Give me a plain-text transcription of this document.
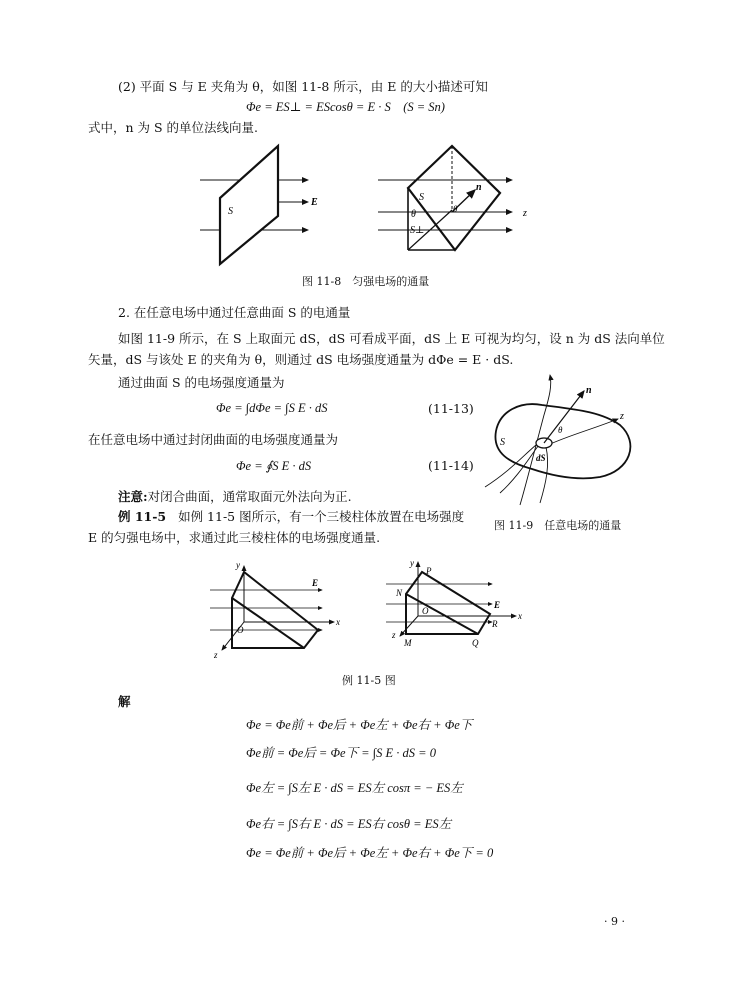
(2) 平面 S 与 E 夹角为 θ，如图 11-8 所示，由 E 的大小描述可知
Φe = ES⊥ = EScosθ = E · S　(S = Sn)
式中，n 为 S 的单位法线向量.
S
E	S
n
θ	θ
S⊥
z
图 11-8　匀强电场的通量
2. 在任意电场中通过任意曲面 S 的电通量
如图 11-9 所示，在 S 上取面元 dS，dS 可看成平面，dS 上 E 可视为均匀，设 n 为 dS 法向单位
矢量，dS 与该处 E 的夹角为 θ，则通过 dS 电场强度通量为 dΦe = E · dS.
通过曲面 S 的电场强度通量为
Φe = ∫dΦe = ∫S E · dS	(11-13)
在任意电场中通过封闭曲面的电场强度通量为
Φe = ∮S E · dS	(11-14)
注意:对闭合曲面，通常取面元外法向为正.
n
z
θ
S
dS
图 11-9　任意电场的通量
例 11-5 如例 11-5 图所示，有一个三棱柱体放置在电场强度
E 的匀强电场中，求通过此三棱柱体的电场强度通量.
y
E
O
x
z
y
P
N
O
E
R
x
z
M	Q
例 11-5 图
解
Φe = Φe前 + Φe后 + Φe左 + Φe右 + Φe下
Φe前 = Φe后 = Φe下 = ∫S E · dS = 0
Φe左 = ∫S左 E · dS = ES左 cosπ = − ES左
Φe右 = ∫S右 E · dS = ES右 cosθ = ES左
Φe = Φe前 + Φe后 + Φe左 + Φe右 + Φe下 = 0
· 9 ·
